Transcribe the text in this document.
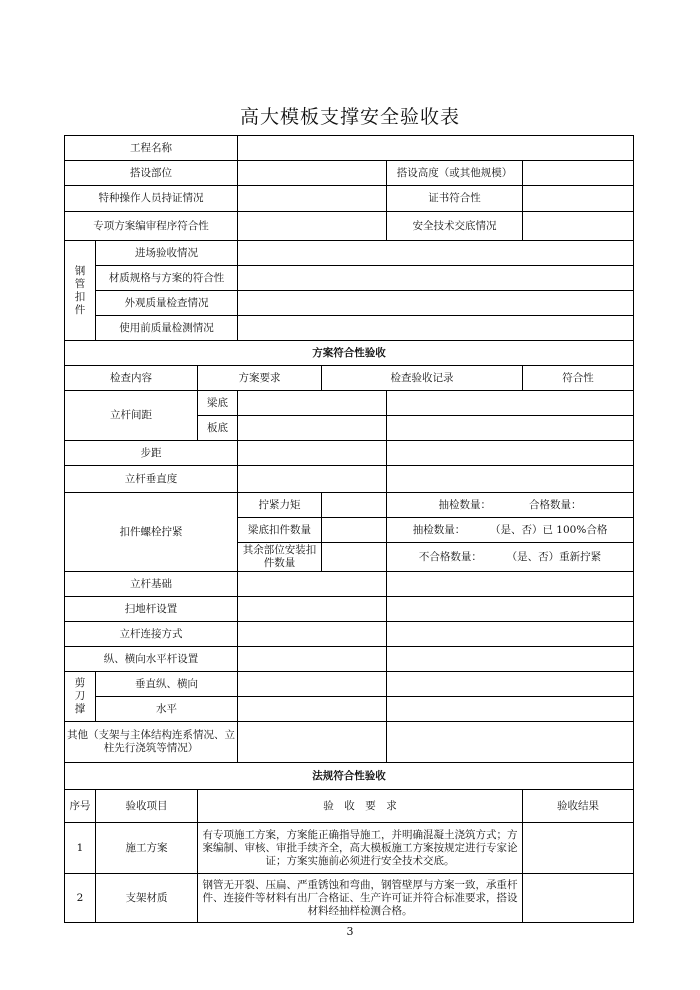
高大模板支撑安全验收表
工程名称							
搭设部位					搭设高度（或其他规模）		
特种操作人员持证情况					证书符合性		
专项方案编审程序符合性					安全技术交底情况		
钢
管
扣
件	进场验收情况						
	材质规格与方案的符合性						
	外观质量检查情况						
	使用前质量检测情况						
方案符合性验收							
检查内容		方案要求		检查验收记录		符合性	
立杆间距		梁底					
		板底					
步距							
立杆垂直度							
扣件螺栓拧紧			拧紧力矩		抽检数量： 合格数量：		
			梁底扣件数量		抽检数量： （是、否）已 100%合格		
			其余部位安装扣件数量		不合格数量： （是、否）重新拧紧		
立杆基础							
扫地杆设置							
立杆连接方式							
纵、横向水平杆设置							
剪
刀
撑	垂直纵、横向						
	水平						
其他（支架与主体结构连系情况、立柱先行浇筑等情况）							
法规符合性验收							
序号	验收项目	验　收　要　求				验收结果	
1	施工方案	有专项施工方案，方案能正确指导施工，并明确混凝土浇筑方式；方案编制、审核、审批手续齐全，高大模板施工方案按规定进行专家论证；方案实施前必须进行安全技术交底。					
2	支架材质	钢管无开裂、压扁、严重锈蚀和弯曲，钢管壁厚与方案一致，承重杆件、连接件等材料有出厂合格证、生产许可证并符合标准要求，搭设材料经抽样检测合格。					
3
